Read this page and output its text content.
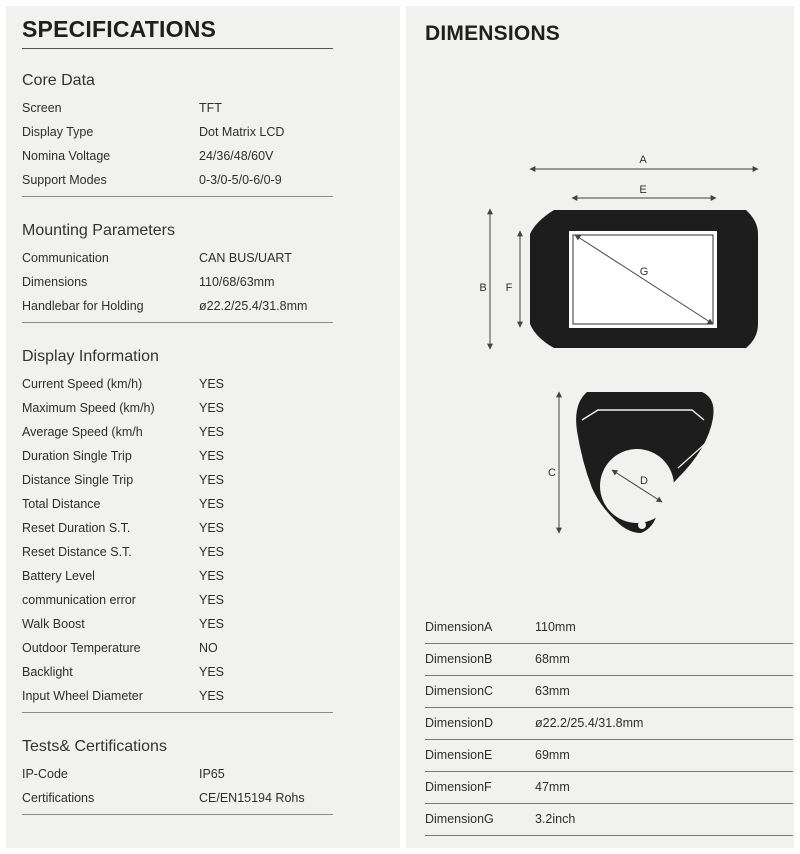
SPECIFICATIONS
Core Data
Screen	TFT
Display Type	Dot Matrix LCD
Nomina Voltage	24/36/48/60V
Support Modes	0-3/0-5/0-6/0-9
Mounting Parameters
Communication	CAN BUS/UART
Dimensions	110/68/63mm
Handlebar for Holding	ø22.2/25.4/31.8mm
Display Information
Current Speed (km/h)	YES
Maximum Speed (km/h)	YES
Average Speed (km/h	YES
Duration Single Trip	YES
Distance Single Trip	YES
Total Distance	YES
Reset Duration S.T.	YES
Reset Distance S.T.	YES
Battery Level	YES
communication error	YES
Walk Boost	YES
Outdoor Temperature	NO
Backlight	YES
Input Wheel Diameter	YES
Tests& Certifications
IP-Code	IP65
Certifications	CE/EN15194 Rohs
DIMENSIONS
A
E
B F
G
C
D
DimensionA	110mm
DimensionB	68mm
DimensionC	63mm
DimensionD	ø22.2/25.4/31.8mm
DimensionE	69mm
DimensionF	47mm
DimensionG	3.2inch
